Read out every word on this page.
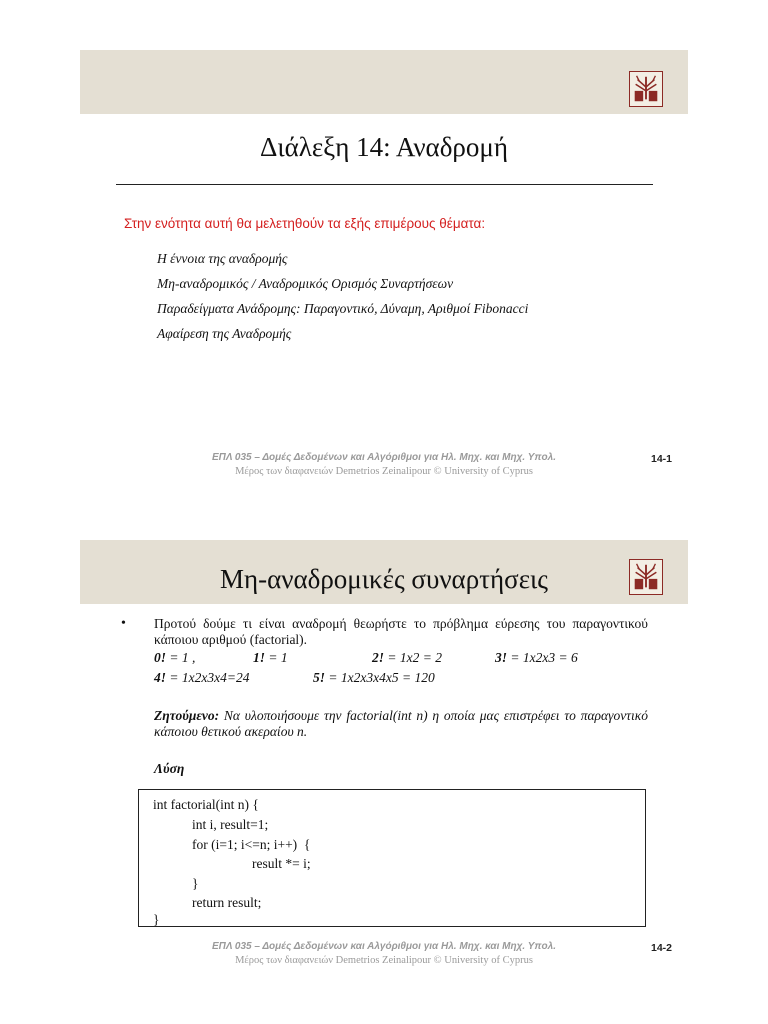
Διάλεξη 14: Αναδρομή
Στην ενότητα αυτή θα μελετηθούν τα εξής επιμέρους θέματα:
Η έννοια της αναδρομής
Μη-αναδρομικός / Αναδρομικός Ορισμός Συναρτήσεων
Παραδείγματα Ανάδρομης: Παραγοντικό, Δύναμη, Αριθμοί Fibonacci
Αφαίρεση της Αναδρομής
ΕΠΛ 035 – Δομές Δεδομένων και Αλγόριθμοι για Ηλ. Μηχ. και Μηχ. Υπολ.
Μέρος των διαφανειών Demetrios Zeinalipour © University of Cyprus
14-1
Μη-αναδρομικές συναρτήσεις
• Προτού δούμε τι είναι αναδρομή θεωρήστε το πρόβλημα εύρεσης του παραγοντικού κάποιου αριθμού (factorial).
0! = 1 ,	1! = 1	2! = 1x2 = 2	3! = 1x2x3 = 6
4! = 1x2x3x4=24	5! = 1x2x3x4x5 = 120
Ζητούμενο: Να υλοποιήσουμε την factorial(int n) η οποία μας επιστρέφει το παραγοντικό κάποιου θετικού ακεραίου n.
Λύση
int factorial(int n) {
int i, result=1;
for (i=1; i<=n; i++)  {
result *= i;
}
return result;
}
ΕΠΛ 035 – Δομές Δεδομένων και Αλγόριθμοι για Ηλ. Μηχ. και Μηχ. Υπολ.
Μέρος των διαφανειών Demetrios Zeinalipour © University of Cyprus
14-2
